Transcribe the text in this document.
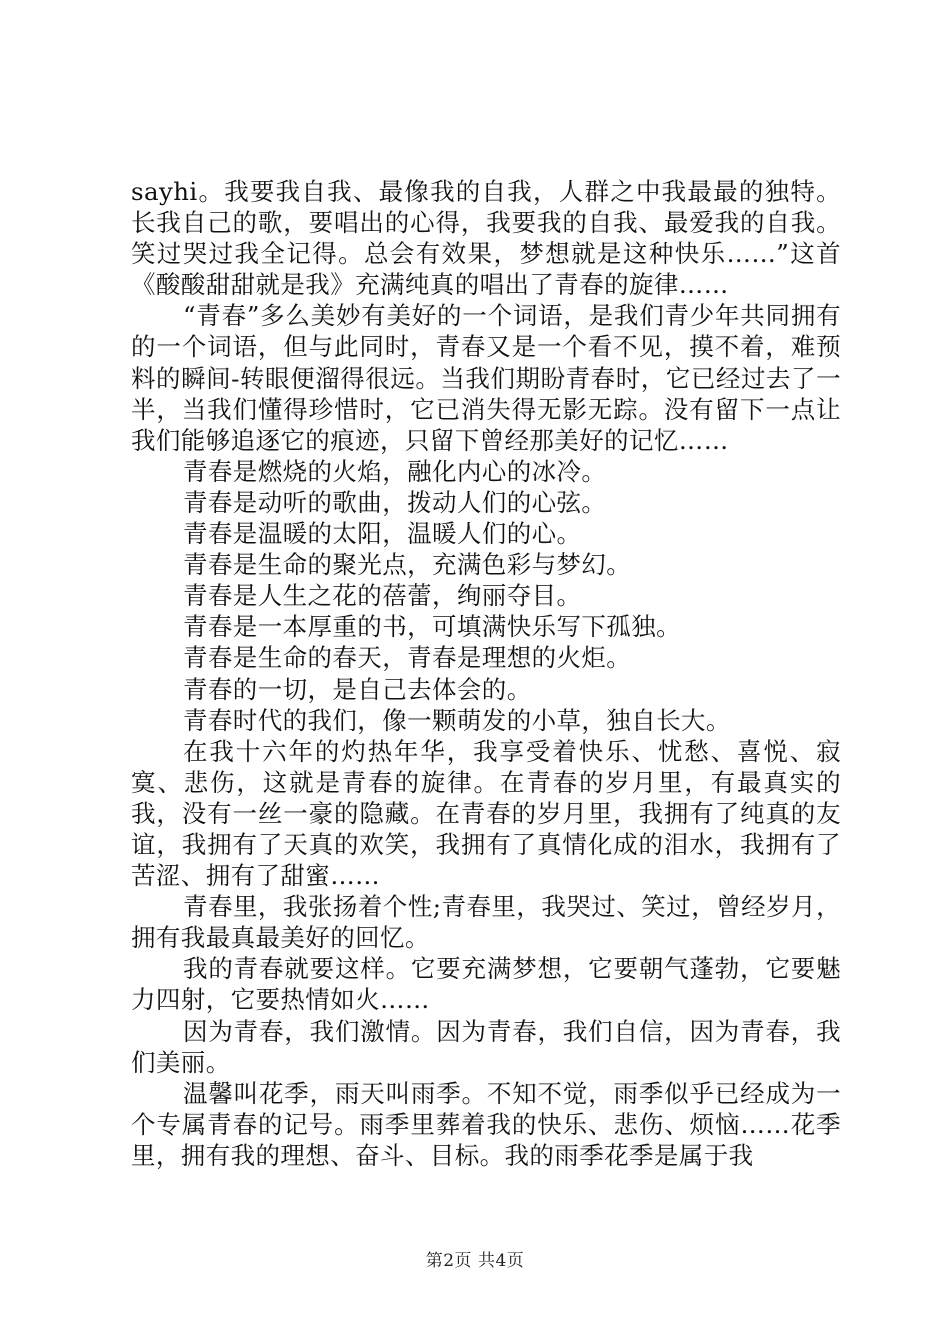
sayhi。我要我自我、最像我的自我，人群之中我最最的独特。长我自己的歌，要唱出的心得，我要我的自我、最爱我的自我。笑过哭过我全记得。总会有效果，梦想就是这种快乐……”这首《酸酸甜甜就是我》充满纯真的唱出了青春的旋律……

“青春”多么美妙有美好的一个词语，是我们青少年共同拥有的一个词语，但与此同时，青春又是一个看不见，摸不着，难预料的瞬间-转眼便溜得很远。当我们期盼青春时，它已经过去了一半，当我们懂得珍惜时，它已消失得无影无踪。没有留下一点让我们能够追逐它的痕迹，只留下曾经那美好的记忆……

青春是燃烧的火焰，融化内心的冰冷。

青春是动听的歌曲，拨动人们的心弦。

青春是温暖的太阳，温暖人们的心。

青春是生命的聚光点，充满色彩与梦幻。

青春是人生之花的蓓蕾，绚丽夺目。

青春是一本厚重的书，可填满快乐写下孤独。

青春是生命的春天，青春是理想的火炬。

青春的一切，是自己去体会的。

青春时代的我们，像一颗萌发的小草，独自长大。

在我十六年的灼热年华，我享受着快乐、忧愁、喜悦、寂寞、悲伤，这就是青春的旋律。在青春的岁月里，有最真实的我，没有一丝一豪的隐藏。在青春的岁月里，我拥有了纯真的友谊，我拥有了天真的欢笑，我拥有了真情化成的泪水，我拥有了苦涩、拥有了甜蜜……

青春里，我张扬着个性;青春里，我哭过、笑过，曾经岁月，拥有我最真最美好的回忆。

我的青春就要这样。它要充满梦想，它要朝气蓬勃，它要魅力四射，它要热情如火……

因为青春，我们激情。因为青春，我们自信，因为青春，我们美丽。

温馨叫花季，雨天叫雨季。不知不觉，雨季似乎已经成为一个专属青春的记号。雨季里葬着我的快乐、悲伤、烦恼……花季里，拥有我的理想、奋斗、目标。我的雨季花季是属于我

第2页 共4页
